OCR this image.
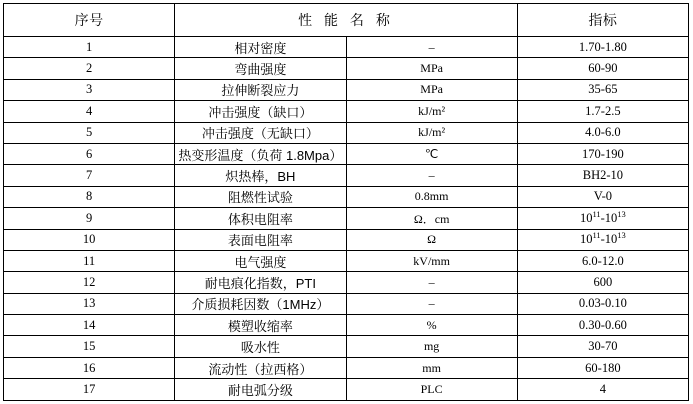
序号	性 能 名 称		指标
1	相对密度	–	1.70-1.80
2	弯曲强度	MPa	60-90
3	拉伸断裂应力	MPa	35-65
4	冲击强度（缺口）	kJ/m²	1.7-2.5
5	冲击强度（无缺口）	kJ/m²	4.0-6.0
6	热变形温度（负荷 1.8Mpa）	℃	170-190
7	炽热棒，BH	–	BH2-10
8	阻燃性试验	0.8mm	V-0
9	体积电阻率	Ω．cm	$10^{11}-10^{13}$
10	表面电阻率	Ω	$10^{11}-10^{13}$
11	电气强度	kV/mm	6.0-12.0
12	耐电痕化指数，PTI	–	600
13	介质损耗因数（1MHz）	–	0.03-0.10
14	模塑收缩率	%	0.30-0.60
15	吸水性	mg	30-70
16	流动性（拉西格）	mm	60-180
17	耐电弧分级	PLC	4
